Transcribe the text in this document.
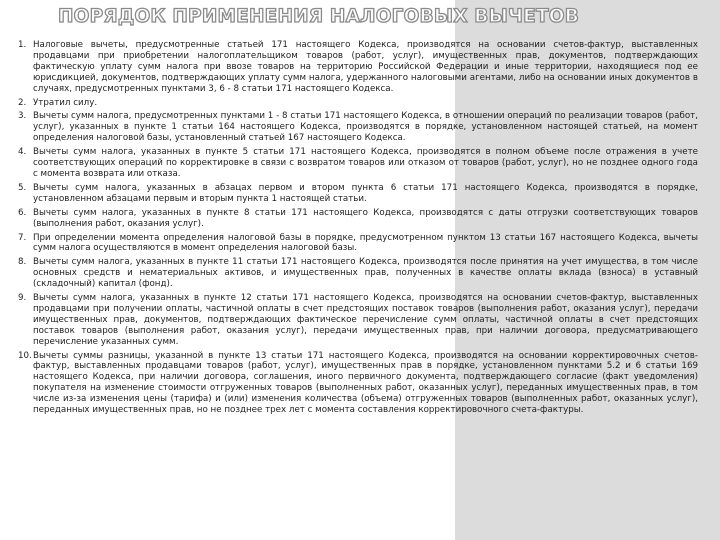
ПОРЯДОК ПРИМЕНЕНИЯ НАЛОГОВЫХ ВЫЧЕТОВ
1. Налоговые вычеты, предусмотренные статьей 171 настоящего Кодекса, производятся на основании счетов-фактур, выставленных продавцами при приобретении налогоплательщиком товаров (работ, услуг), имущественных прав, документов, подтверждающих фактическую уплату сумм налога при ввозе товаров на территорию Российской Федерации и иные территории, находящиеся под ее юрисдикцией, документов, подтверждающих уплату сумм налога, удержанного налоговыми агентами, либо на основании иных документов в случаях, предусмотренных пунктами 3, 6 - 8 статьи 171 настоящего Кодекса.
2. Утратил силу.
3. Вычеты сумм налога, предусмотренных пунктами 1 - 8 статьи 171 настоящего Кодекса, в отношении операций по реализации товаров (работ, услуг), указанных в пункте 1 статьи 164 настоящего Кодекса, производятся в порядке, установленном настоящей статьей, на момент определения налоговой базы, установленный статьей 167 настоящего Кодекса.
4. Вычеты сумм налога, указанных в пункте 5 статьи 171 настоящего Кодекса, производятся в полном объеме после отражения в учете соответствующих операций по корректировке в связи с возвратом товаров или отказом от товаров (работ, услуг), но не позднее одного года с момента возврата или отказа.
5. Вычеты сумм налога, указанных в абзацах первом и втором пункта 6 статьи 171 настоящего Кодекса, производятся в порядке, установленном абзацами первым и вторым пункта 1 настоящей статьи.
6. Вычеты сумм налога, указанных в пункте 8 статьи 171 настоящего Кодекса, производятся с даты отгрузки соответствующих товаров (выполнения работ, оказания услуг).
7. При определении момента определения налоговой базы в порядке, предусмотренном пунктом 13 статьи 167 настоящего Кодекса, вычеты сумм налога осуществляются в момент определения налоговой базы.
8. Вычеты сумм налога, указанных в пункте 11 статьи 171 настоящего Кодекса, производятся после принятия на учет имущества, в том числе основных средств и нематериальных активов, и имущественных прав, полученных в качестве оплаты вклада (взноса) в уставный (складочный) капитал (фонд).
9. Вычеты сумм налога, указанных в пункте 12 статьи 171 настоящего Кодекса, производятся на основании счетов-фактур, выставленных продавцами при получении оплаты, частичной оплаты в счет предстоящих поставок товаров (выполнения работ, оказания услуг), передачи имущественных прав, документов, подтверждающих фактическое перечисление сумм оплаты, частичной оплаты в счет предстоящих поставок товаров (выполнения работ, оказания услуг), передачи имущественных прав, при наличии договора, предусматривающего перечисление указанных сумм.
10. Вычеты суммы разницы, указанной в пункте 13 статьи 171 настоящего Кодекса, производятся на основании корректировочных счетов-фактур, выставленных продавцами товаров (работ, услуг), имущественных прав в порядке, установленном пунктами 5.2 и 6 статьи 169 настоящего Кодекса, при наличии договора, соглашения, иного первичного документа, подтверждающего согласие (факт уведомления) покупателя на изменение стоимости отгруженных товаров (выполненных работ, оказанных услуг), переданных имущественных прав, в том числе из-за изменения цены (тарифа) и (или) изменения количества (объема) отгруженных товаров (выполненных работ, оказанных услуг), переданных имущественных прав, но не позднее трех лет с момента составления корректировочного счета-фактуры.
